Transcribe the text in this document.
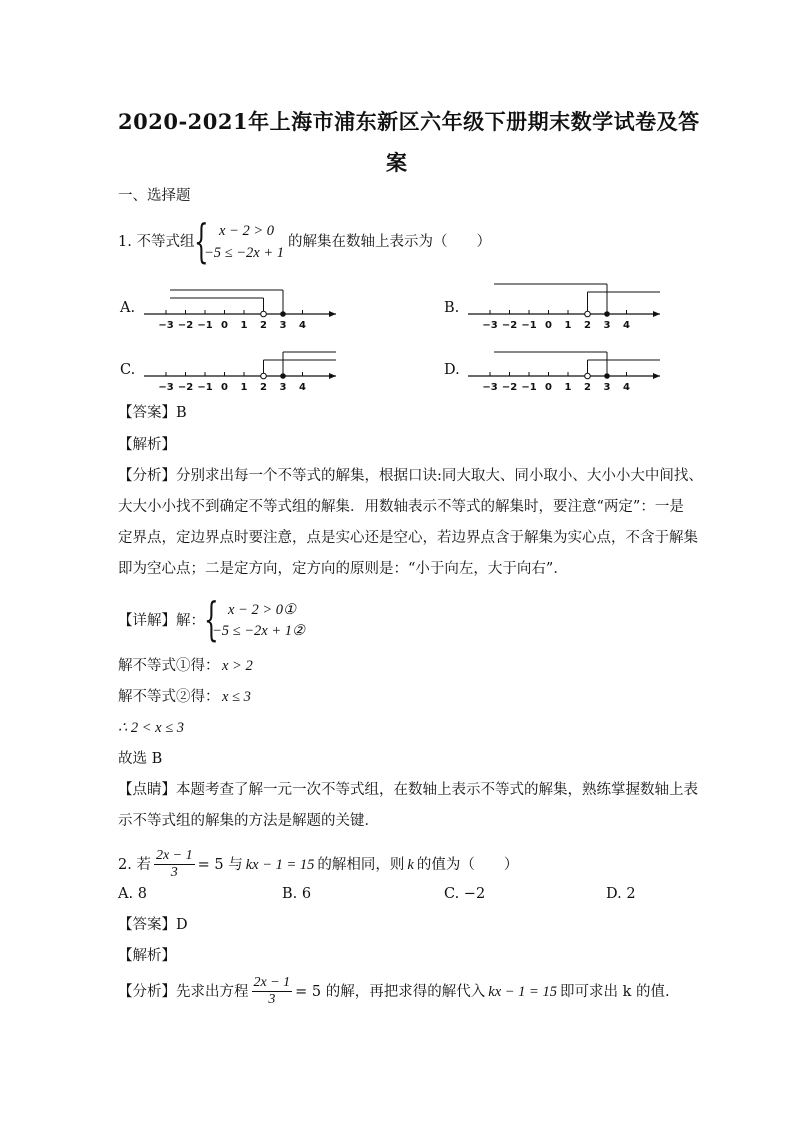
2020-2021年上海市浦东新区六年级下册期末数学试卷及答
案
一、选择题
1. 不等式组 { x − 2 > 0
−5 ≤ −2x + 1
的解集在数轴上表示为（　　）
A.
−3 −2 −1 0 1 2 3 4
B.
−3 −2 −1 0 1 2 3 4
C.
−3 −2 −1 0 1 2 3 4
D.
−3 −2 −1 0 1 2 3 4
【答案】B
【解析】
【分析】分别求出每一个不等式的解集，根据口诀:同大取大、同小取小、大小小大中间找、
大大小小找不到确定不等式组的解集．用数轴表示不等式的解集时，要注意“两定”：一是
定界点，定边界点时要注意，点是实心还是空心，若边界点含于解集为实心点，不含于解集
即为空心点；二是定方向，定方向的原则是：“小于向左，大于向右”．
【详解】解： { x − 2 > 0①
−5 ≤ −2x + 1②
解不等式①得： x > 2
解不等式②得： x ≤ 3
∴ 2 < x ≤ 3
故选 B
【点睛】本题考查了解一元一次不等式组，在数轴上表示不等式的解集，熟练掌握数轴上表
示不等式组的解集的方法是解题的关键．
2. 若 $\frac{2x - 1}{3} = 5$ 与 kx − 1 = 15 的解相同，则 k 的值为（　　）
A. 8	B. 6	C. −2	D. 2
【答案】D
【解析】
【分析】先求出方程 $\frac{2x - 1}{3} = 5$ 的解，再把求得的解代入 kx − 1 = 15 即可求出 k 的值.
